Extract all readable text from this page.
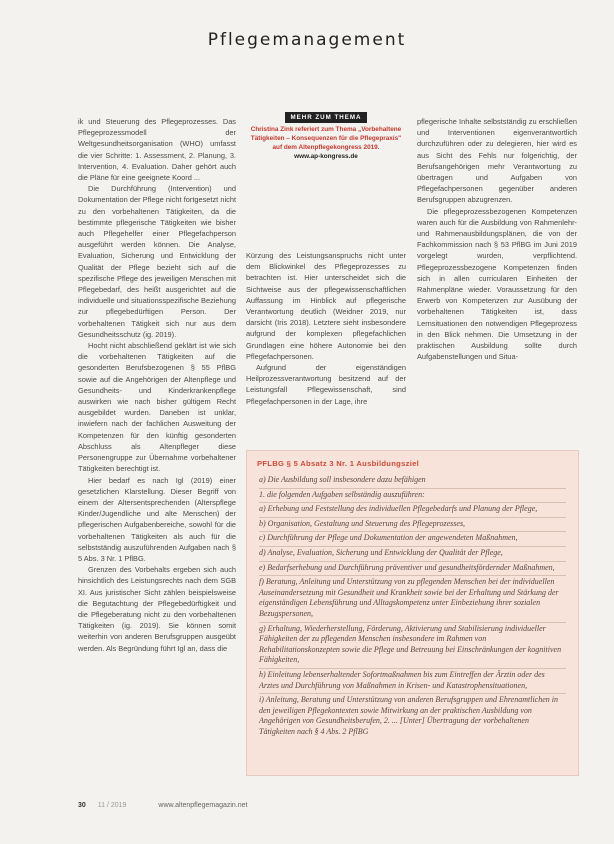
Pflegemanagement

ik und Steuerung des Pflegeprozesses. Das Pflegeprozessmodell der Weltgesundheitsorganisation (WHO) umfasst die vier Schritte: 1. Assessment, 2. Planung, 3. Intervention, 4. Evaluation. Daher gehört auch die Pläne für eine geeignete Koord ...

Die Durchführung (Intervention) und Dokumentation der Pflege nicht fortgesetzt nicht zu den vorbehaltenen Tätigkeiten, da die bestimmte pflegerische Tätigkeiten wie bisher auch Pflegehelfer einer Pflegefachperson ausgeführt werden können. Die Analyse, Evaluation, Sicherung und Entwicklung der Qualität der Pflege bezieht sich auf die spezifische Pflege des jeweiligen Menschen mit Pflegebedarf, des heißt ausgerichtet auf die individuelle und situationsspezifische Beziehung zur pflegebedürftigen Person. Der vorbehaltenen Tätigkeit sich nur aus dem Gesundheitsschutz (ig. 2019).

Hocht nicht abschließend geklärt ist wie sich die vorbehaltenen Tätigkeiten auf die gesonderten Berufsbezogenen § 55 PflBG sowie auf die Angehörigen der Altenpflege und Gesundheits- und Kinderkrankenpflege auswirken wie nach bisher gültigem Recht ausgebildet wurden. Daneben ist unklar, inwiefern nach der fachlichen Ausweitung der Kompetenzen für den künftig gesonderten Abschluss als Altenpfleger diese Personengruppe zur Übernahme vorbehaltener Tätigkeiten berechtigt ist.

Hier bedarf es nach Igl (2019) einer gesetzlichen Klarstellung. Dieser Begriff von einem der Altersentsprechenden (Alterspflege Kinder/Jugendliche und alte Menschen) der pflegerischen Aufgabenbereiche, sowohl für die vorbehaltenen Tätigkeiten als auch für die selbstständig auszuführenden Aufgaben nach § 5 Abs. 3 Nr. 1 PflBG.

Grenzen des Vorbehalts ergeben sich auch hinsichtlich des Leistungsrechts nach dem SGB XI. Aus juristischer Sicht zählen beispielsweise die Begutachtung der Pflegebedürftigkeit und die Pflegeberatung nicht zu den vorbehaltenen Tätigkeiten (ig. 2019). Sie können somit weiterhin von anderen Berufsgruppen ausgeübt werden. Als Begründung führt Igl an, dass die

MEHR ZUM THEMA
Christina Zink referiert zum Thema „Vorbehaltene Tätigkeiten – Konsequenzen für die Pflegepraxis" auf dem Altenpflegekongress 2019.
www.ap-kongress.de

Kürzung des Leistungsanspruchs nicht unter dem Blickwinkel des Pflegeprozesses zu betrachten ist. Hier unterscheidet sich die Sichtweise aus der pflegewissenschaftlichen Auffassung im Hinblick auf pflegerische Verantwortung deutlich (Weidner 2019, nur darsicht (Iris 2018). Letztere sieht insbesondere aufgrund der komplexen pflegefachlichen Grundlagen eine höhere Autonomie bei den Pflegefachpersonen.

Aufgrund der eigenständigen Heilprozessverantwortung besitzend auf der Leistungsfall Pflegewissenschaft, sind Pflegefachpersonen in der Lage, ihre

pflegerische Inhalte selbstständig zu erschließen und Interventionen eigenverantwortlich durchzuführen oder zu delegieren, hier wird es aus Sicht des Fehls nur folgerichtig, der Berufsangehörigen mehr Verantwortung zu übertragen und Aufgaben von Pflegefachpersonen gegenüber anderen Berufsgruppen abzugrenzen.

Die pflegeprozessbezogenen Kompetenzen waren auch für die Ausbildung von Rahmenlehr- und Rahmenausbildungsplänen, die von der Fachkommission nach § 53 PflBG im Juni 2019 vorgelegt wurden, verpflichtend. Pflegeprozessbezogene Kompetenzen finden sich in allen curricularen Einheiten der Rahmenpläne wieder. Voraussetzung für den Erwerb von Kompetenzen zur Ausübung der vorbehaltenen Tätigkeiten ist, dass Lernsituationen den notwendigen Pflegeprozess in den Blick nehmen. Die Umsetzung in der praktischen Ausbildung sollte durch Aufgabenstellungen und Situa-

PFLBG § 5 Absatz 3 Nr. 1 Ausbildungsziel
a) Die Ausbildung soll insbesondere dazu befähigen
1. die folgenden Aufgaben selbständig auszuführen:
a) Erhebung und Feststellung des individuellen Pflegebedarfs und Planung der Pflege,
b) Organisation, Gestaltung und Steuerung des Pflegeprozesses,
c) Durchführung der Pflege und Dokumentation der angewendeten Maßnahmen,
d) Analyse, Evaluation, Sicherung und Entwicklung der Qualität der Pflege,
e) Bedarfserhebung und Durchführung präventiver und gesundheitsfördernder Maßnahmen,
f) Beratung, Anleitung und Unterstützung von zu pflegenden Menschen bei der individuellen Auseinandersetzung mit Gesundheit und Krankheit sowie bei der Erhaltung und Stärkung der eigenständigen Lebensführung und Alltagskompetenz unter Einbeziehung ihrer sozialen Bezugspersonen,
g) Erhaltung, Wiederherstellung, Förderung, Aktivierung und Stabilisierung individueller Fähigkeiten der zu pflegenden Menschen insbesondere im Rahmen von Rehabilitationskonzepten sowie die Pflege und Betreuung bei Einschränkungen der kognitiven Fähigkeiten,
h) Einleitung lebenserhaltender Sofortmaßnahmen bis zum Eintreffen der Ärztin oder des Arztes und Durchführung von Maßnahmen in Krisen- und Katastrophensituationen,
i) Anleitung, Beratung und Unterstützung von anderen Berufsgruppen und Ehrenamtlichen in den jeweiligen Pflegekontexten sowie Mitwirkung an der praktischen Ausbildung von Angehörigen von Gesundheitsberufen, 2. ... [Unter] Übertragung der vorbehaltenen Tätigkeiten nach § 4 Abs. 2 PflBG
30 11 / 2019	www.altenpflegemagazin.net
